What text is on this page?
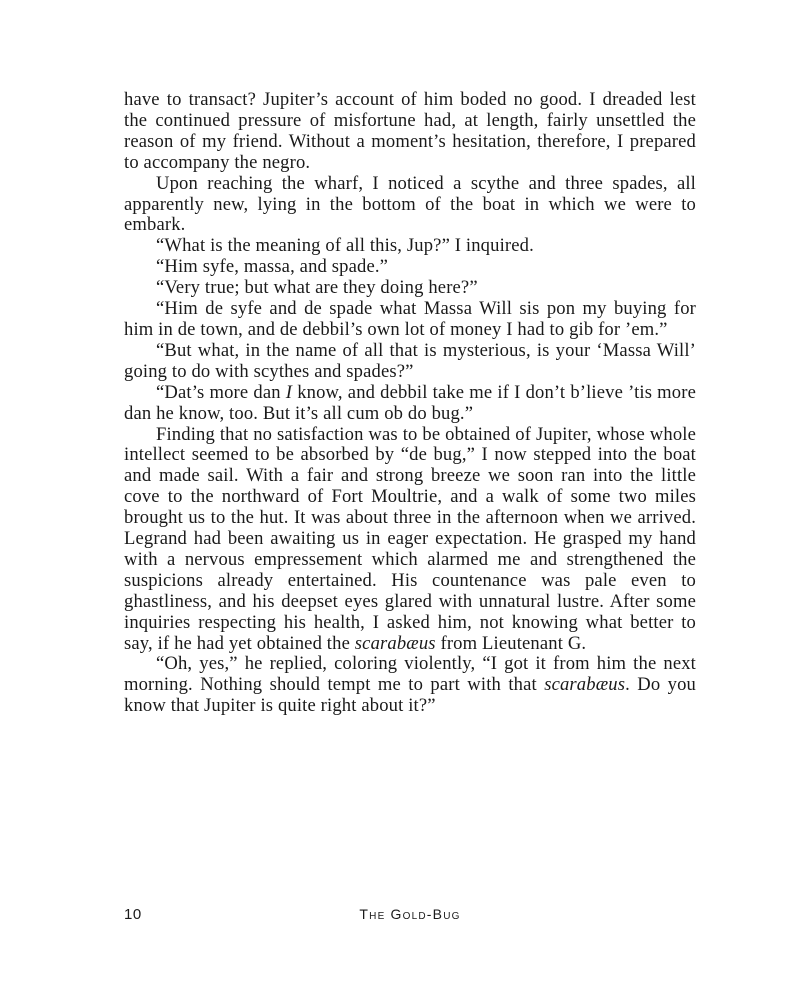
have to transact? Jupiter’s account of him boded no good. I dreaded lest the continued pressure of misfortune had, at length, fairly unsettled the reason of my friend. Without a moment’s hesitation, therefore, I prepared to accompany the negro.

Upon reaching the wharf, I noticed a scythe and three spades, all apparently new, lying in the bottom of the boat in which we were to embark.

“What is the meaning of all this, Jup?” I inquired.

“Him syfe, massa, and spade.”

“Very true; but what are they doing here?”

“Him de syfe and de spade what Massa Will sis pon my buying for him in de town, and de debbil’s own lot of money I had to gib for ’em.”

“But what, in the name of all that is mysterious, is your ‘Massa Will’ going to do with scythes and spades?”

“Dat’s more dan I know, and debbil take me if I don’t b’lieve ’tis more dan he know, too. But it’s all cum ob do bug.”

Finding that no satisfaction was to be obtained of Jupiter, whose whole intellect seemed to be absorbed by “de bug,” I now stepped into the boat and made sail. With a fair and strong breeze we soon ran into the little cove to the northward of Fort Moultrie, and a walk of some two miles brought us to the hut. It was about three in the afternoon when we arrived. Legrand had been awaiting us in eager expectation. He grasped my hand with a nervous empressement which alarmed me and strengthened the suspicions already entertained. His countenance was pale even to ghastliness, and his deepset eyes glared with unnatural lustre. After some inquiries respecting his health, I asked him, not knowing what better to say, if he had yet obtained the scarabæus from Lieutenant G.

“Oh, yes,” he replied, coloring violently, “I got it from him the next morning. Nothing should tempt me to part with that scarabæus. Do you know that Jupiter is quite right about it?”

10	The Gold-Bug
